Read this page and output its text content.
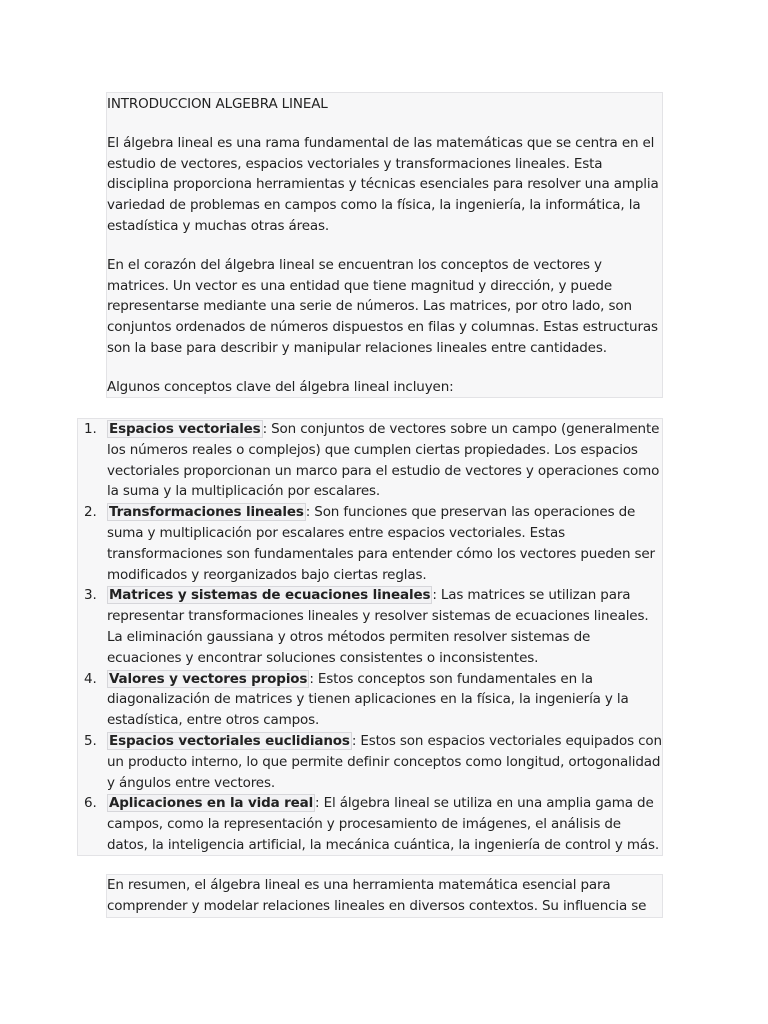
INTRODUCCION ALGEBRA LINEAL

El álgebra lineal es una rama fundamental de las matemáticas que se centra en el estudio de vectores, espacios vectoriales y transformaciones lineales. Esta disciplina proporciona herramientas y técnicas esenciales para resolver una amplia variedad de problemas en campos como la física, la ingeniería, la informática, la estadística y muchas otras áreas.

En el corazón del álgebra lineal se encuentran los conceptos de vectores y matrices. Un vector es una entidad que tiene magnitud y dirección, y puede representarse mediante una serie de números. Las matrices, por otro lado, son conjuntos ordenados de números dispuestos en filas y columnas. Estas estructuras son la base para describir y manipular relaciones lineales entre cantidades.

Algunos conceptos clave del álgebra lineal incluyen:

1. Espacios vectoriales : Son conjuntos de vectores sobre un campo (generalmente los números reales o complejos) que cumplen ciertas propiedades. Los espacios vectoriales proporcionan un marco para el estudio de vectores y operaciones como la suma y la multiplicación por escalares.
2. Transformaciones lineales : Son funciones que preservan las operaciones de suma y multiplicación por escalares entre espacios vectoriales. Estas transformaciones son fundamentales para entender cómo los vectores pueden ser modificados y reorganizados bajo ciertas reglas.
3. Matrices y sistemas de ecuaciones lineales : Las matrices se utilizan para representar transformaciones lineales y resolver sistemas de ecuaciones lineales. La eliminación gaussiana y otros métodos permiten resolver sistemas de ecuaciones y encontrar soluciones consistentes o inconsistentes.
4. Valores y vectores propios : Estos conceptos son fundamentales en la diagonalización de matrices y tienen aplicaciones en la física, la ingeniería y la estadística, entre otros campos.
5. Espacios vectoriales euclidianos : Estos son espacios vectoriales equipados con un producto interno, lo que permite definir conceptos como longitud, ortogonalidad y ángulos entre vectores.
6. Aplicaciones en la vida real : El álgebra lineal se utiliza en una amplia gama de campos, como la representación y procesamiento de imágenes, el análisis de datos, la inteligencia artificial, la mecánica cuántica, la ingeniería de control y más.

En resumen, el álgebra lineal es una herramienta matemática esencial para comprender y modelar relaciones lineales en diversos contextos. Su influencia se
